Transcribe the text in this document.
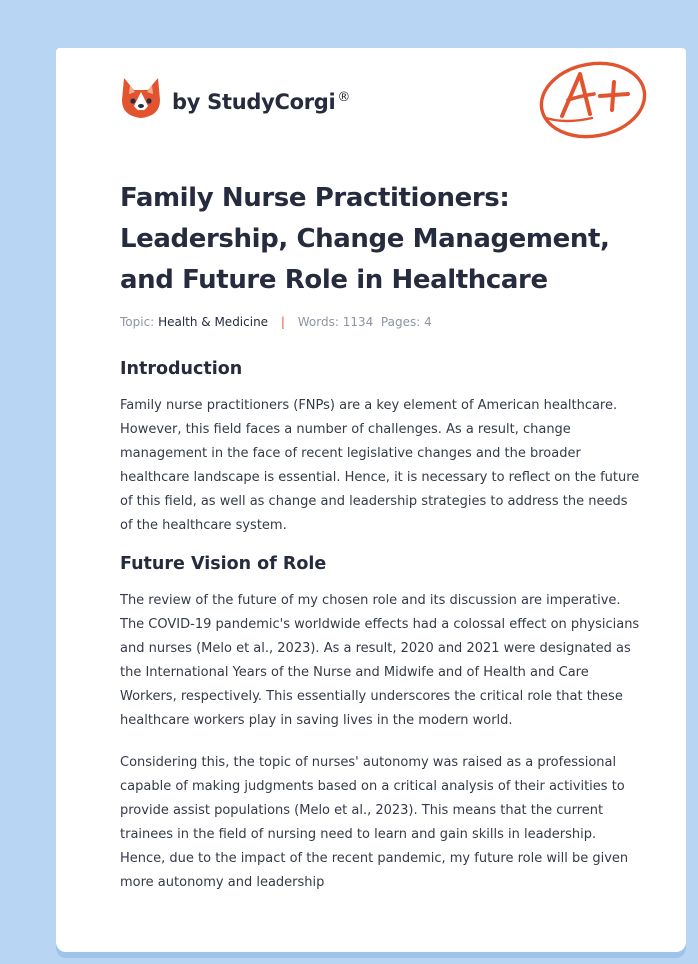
by StudyCorgi ®
Family Nurse Practitioners: Leadership, Change Management, and Future Role in Healthcare
Topic: Health & Medicine | Words: 1134 Pages: 4
Introduction

Family nurse practitioners (FNPs) are a key element of American healthcare. However, this field faces a number of challenges. As a result, change management in the face of recent legislative changes and the broader healthcare landscape is essential. Hence, it is necessary to reflect on the future of this field, as well as change and leadership strategies to address the needs of the healthcare system.

Future Vision of Role

The review of the future of my chosen role and its discussion are imperative. The COVID-19 pandemic's worldwide effects had a colossal effect on physicians and nurses (Melo et al., 2023). As a result, 2020 and 2021 were designated as the International Years of the Nurse and Midwife and of Health and Care Workers, respectively. This essentially underscores the critical role that these healthcare workers play in saving lives in the modern world.

Considering this, the topic of nurses' autonomy was raised as a professional capable of making judgments based on a critical analysis of their activities to provide assist populations (Melo et al., 2023). This means that the current trainees in the field of nursing need to learn and gain skills in leadership. Hence, due to the impact of the recent pandemic, my future role will be given more autonomy and leadership
